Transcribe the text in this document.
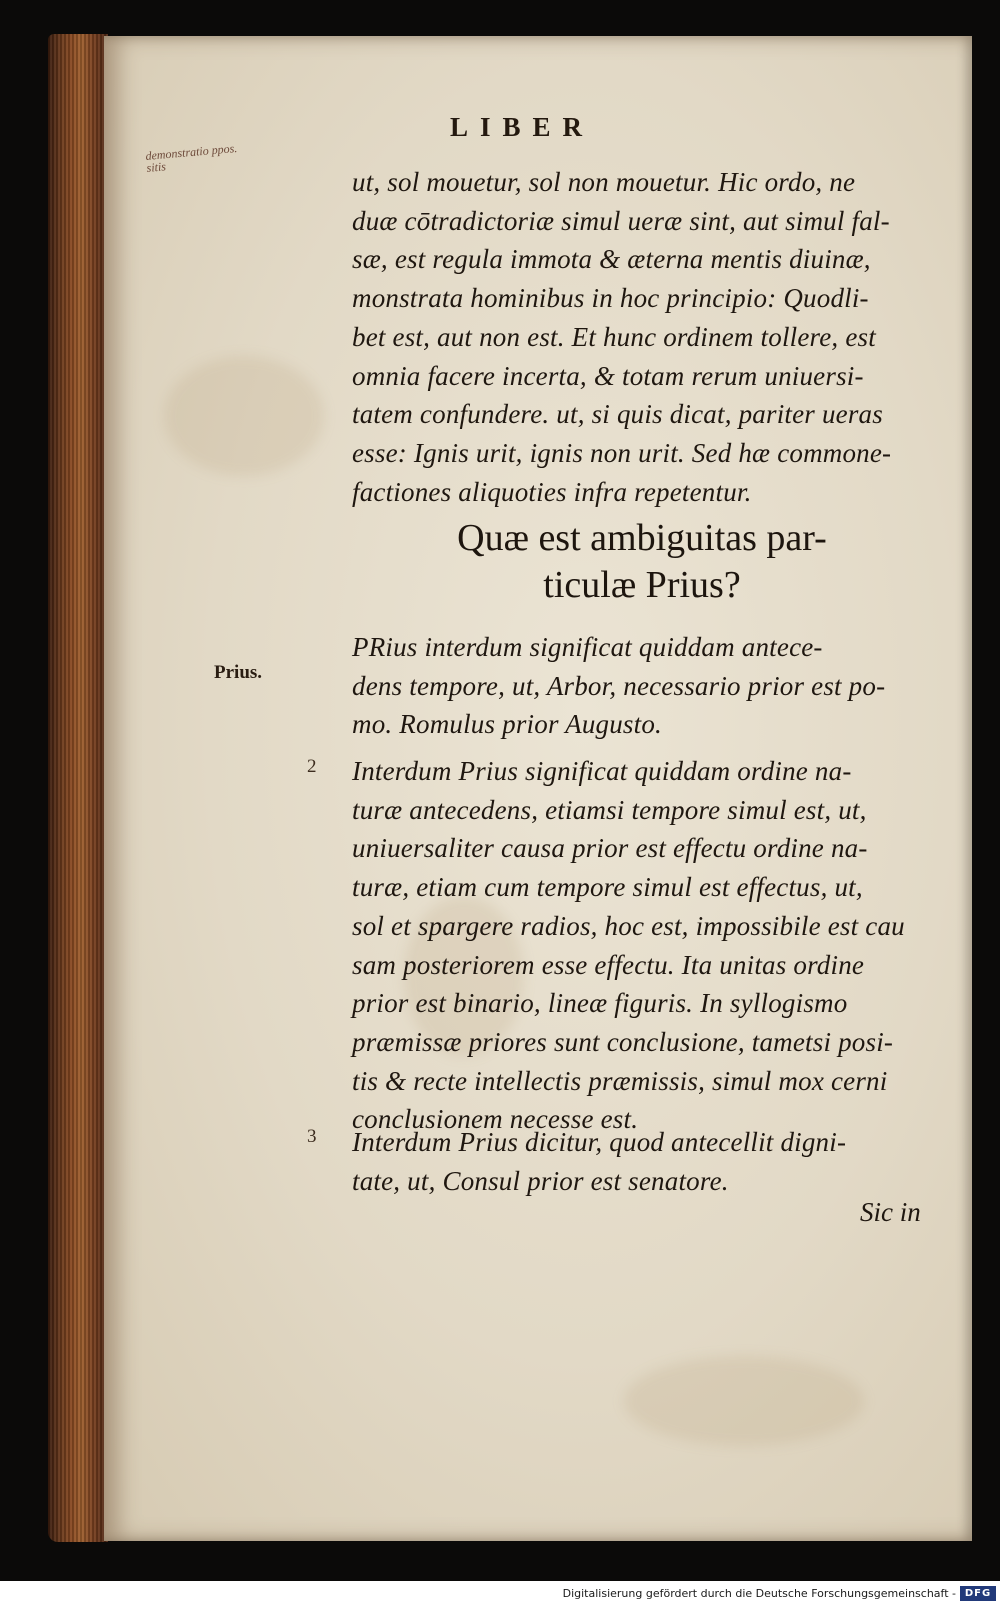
LIBER
demonstratio ppos.
sitis	ut, sol mouetur, sol non mouetur. Hic ordo, ne
duæ cōtradictoriæ simul ueræ sint, aut simul fal-
sæ, est regula immota & æterna mentis diuinæ,
monstrata hominibus in hoc principio: Quodli-
bet est, aut non est. Et hunc ordinem tollere, est
omnia facere incerta, & totam rerum uniuersi-
tatem confundere. ut, si quis dicat, pariter ueras
esse: Ignis urit, ignis non urit. Sed hæ commone-
factiones aliquoties infra repetentur.
Quæ est ambiguitas par-
ticulæ Prius?
Prius.
PRius interdum significat quiddam antece-
dens tempore, ut, Arbor, necessario prior est po-
mo. Romulus prior Augusto.
2 Interdum Prius significat quiddam ordine na-
turæ antecedens, etiamsi tempore simul est, ut,
uniuersaliter causa prior est effectu ordine na-
turæ, etiam cum tempore simul est effectus, ut,
sol et spargere radios, hoc est, impossibile est cau
sam posteriorem esse effectu. Ita unitas ordine
prior est binario, lineæ figuris. In syllogismo
præmissæ priores sunt conclusione, tametsi posi-
tis & recte intellectis præmissis, simul mox cerni
conclusionem necesse est.
3 Interdum Prius dicitur, quod antecellit digni-
tate, ut, Consul prior est senatore.
Sic in
Digitalisierung gefördert durch die Deutsche Forschungsgemeinschaft - DFG
